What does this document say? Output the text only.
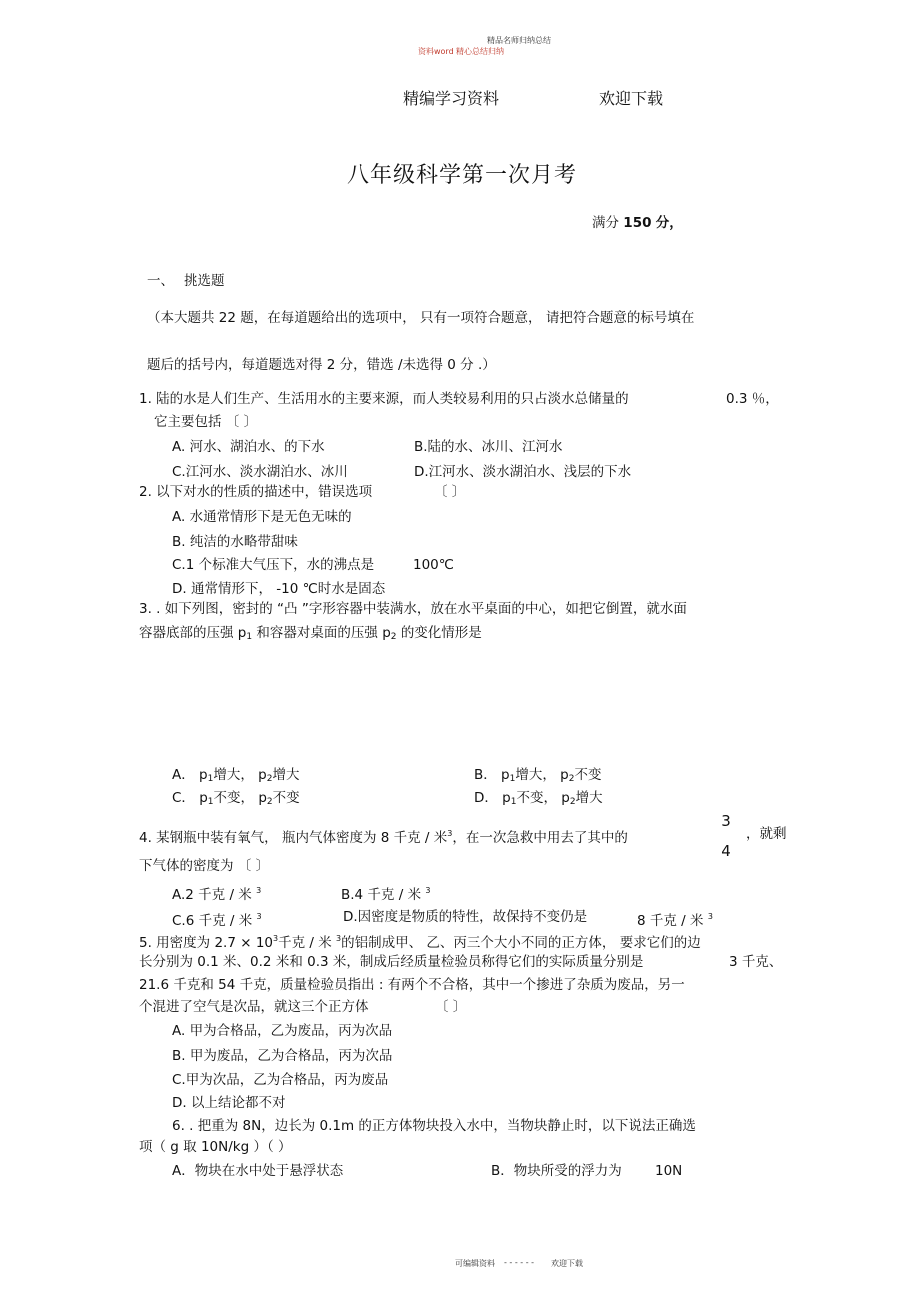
精品名师归纳总结
资料word 精心总结归纳
精编学习资料	欢迎下载
八年级科学第一次月考
满分 150 分，
一、 挑选题
（本大题共 22 题，在每道题给出的选项中， 只有一项符合题意， 请把符合题意的标号填在
题后的括号内，每道题选对得 2 分，错选 /未选得 0 分 .）
1. 陆的水是人们生产、生活用水的主要来源，而人类较易利用的只占淡水总储量的	0.3 ％，
它主要包括 〔 〕
A. 河水、湖泊水、的下水	B.陆的水、冰川、江河水
C.江河水、淡水湖泊水、冰川	D.江河水、淡水湖泊水、浅层的下水
2. 以下对水的性质的描述中，错误选项	〔 〕
A. 水通常情形下是无色无味的
B. 纯洁的水略带甜味
C.1 个标准大气压下，水的沸点是	100℃
D. 通常情形下， -10 ℃时水是固态
3. . 如下列图，密封的 “凸 ”字形容器中装满水，放在水平桌面的中心，如把它倒置，就水面
容器底部的压强 $p_1$ 和容器对桌面的压强 $p_2$ 的变化情形是
A． $p_1$增大， $p_2$增大	B． $p_1$增大， $p_2$不变
C． $p_1$不变， $p_2$不变	D． $p_1$不变， $p_2$增大
4. 某钢瓶中装有氧气， 瓶内气体密度为 8 千克 / 米$^3$，在一次急救中用去了其中的
3
4
，就剩
下气体的密度为 〔 〕
A.2 千克 / 米 $^3$	B.4 千克 / 米 $^3$
C.6 千克 / 米 $^3$	D.因密度是物质的特性，故保持不变仍是	8 千克 / 米 $^3$
5. 用密度为 $2.7 \times 10^3$千克 / 米 $^3$的铝制成甲、 乙、丙三个大小不同的正方体， 要求它们的边
长分别为 0.1 米、0.2 米和 0.3 米，制成后经质量检验员称得它们的实际质量分别是	3 千克、
21.6 千克和 54 千克，质量检验员指出 : 有两个不合格，其中一个掺进了杂质为废品，另一
个混进了空气是次品，就这三个正方体	〔 〕
A. 甲为合格品，乙为废品，丙为次品
B. 甲为废品，乙为合格品，丙为次品
C.甲为次品，乙为合格品，丙为废品
D. 以上结论都不对
6. . 把重为 8N，边长为 0.1m 的正方体物块投入水中，当物块静止时，以下说法正确选
项（ g 取 10N/kg ）（ ）
A．物块在水中处于悬浮状态	B．物块所受的浮力为 10N
可编辑资料 - - - - - - 欢迎下载
